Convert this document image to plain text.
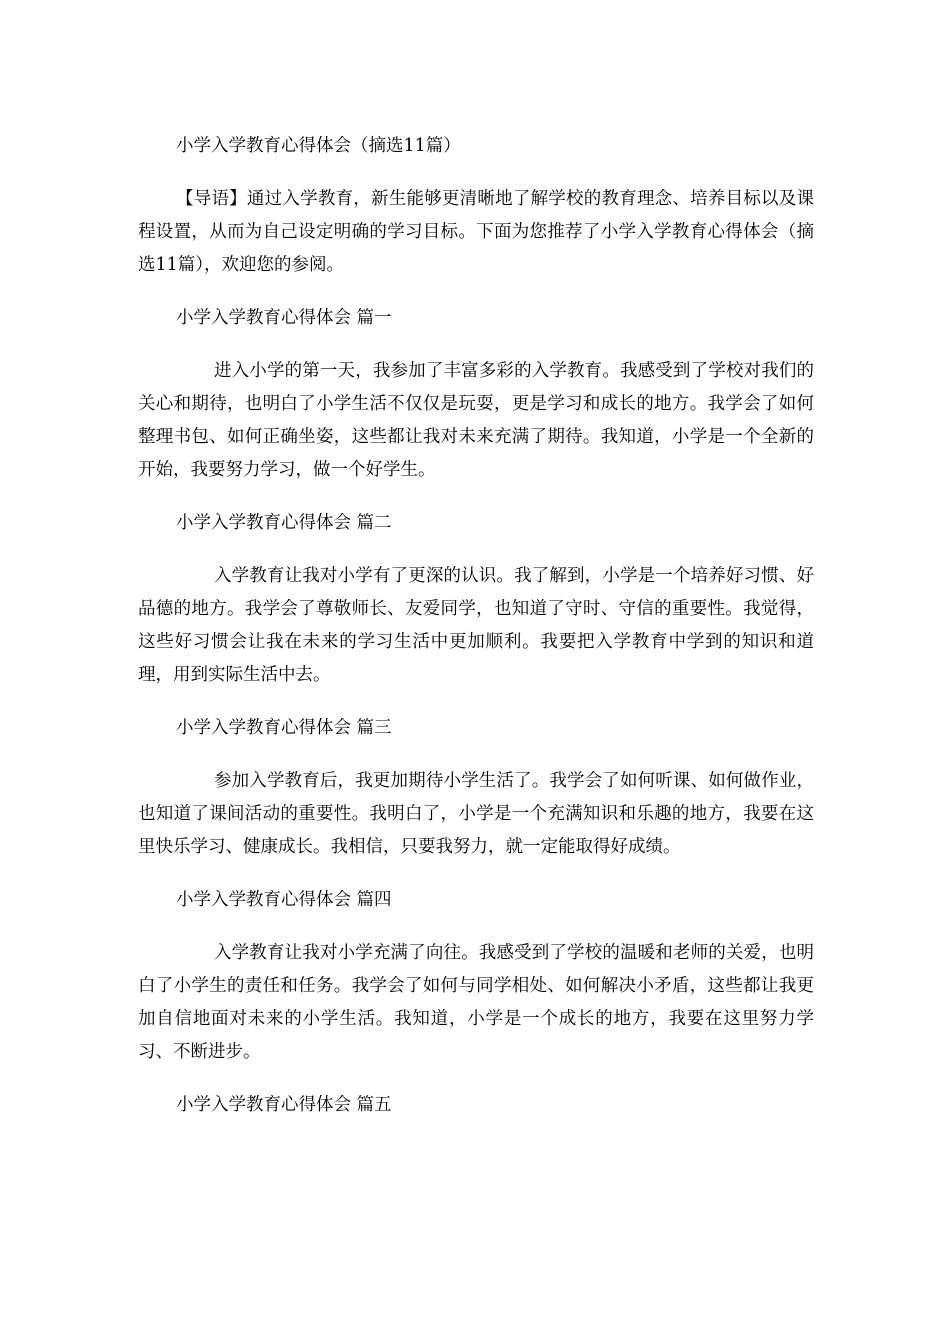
小学入学教育心得体会（摘选11篇）

【导语】通过入学教育，新生能够更清晰地了解学校的教育理念、培养目标以及课程设置，从而为自己设定明确的学习目标。下面为您推荐了小学入学教育心得体会（摘选11篇），欢迎您的参阅。

小学入学教育心得体会 篇一

进入小学的第一天，我参加了丰富多彩的入学教育。我感受到了学校对我们的关心和期待，也明白了小学生活不仅仅是玩耍，更是学习和成长的地方。我学会了如何整理书包、如何正确坐姿，这些都让我对未来充满了期待。我知道，小学是一个全新的开始，我要努力学习，做一个好学生。

小学入学教育心得体会 篇二

入学教育让我对小学有了更深的认识。我了解到，小学是一个培养好习惯、好品德的地方。我学会了尊敬师长、友爱同学，也知道了守时、守信的重要性。我觉得，这些好习惯会让我在未来的学习生活中更加顺利。我要把入学教育中学到的知识和道理，用到实际生活中去。

小学入学教育心得体会 篇三

参加入学教育后，我更加期待小学生活了。我学会了如何听课、如何做作业，也知道了课间活动的重要性。我明白了，小学是一个充满知识和乐趣的地方，我要在这里快乐学习、健康成长。我相信，只要我努力，就一定能取得好成绩。

小学入学教育心得体会 篇四

入学教育让我对小学充满了向往。我感受到了学校的温暖和老师的关爱，也明白了小学生的责任和任务。我学会了如何与同学相处、如何解决小矛盾，这些都让我更加自信地面对未来的小学生活。我知道，小学是一个成长的地方，我要在这里努力学习、不断进步。

小学入学教育心得体会 篇五
